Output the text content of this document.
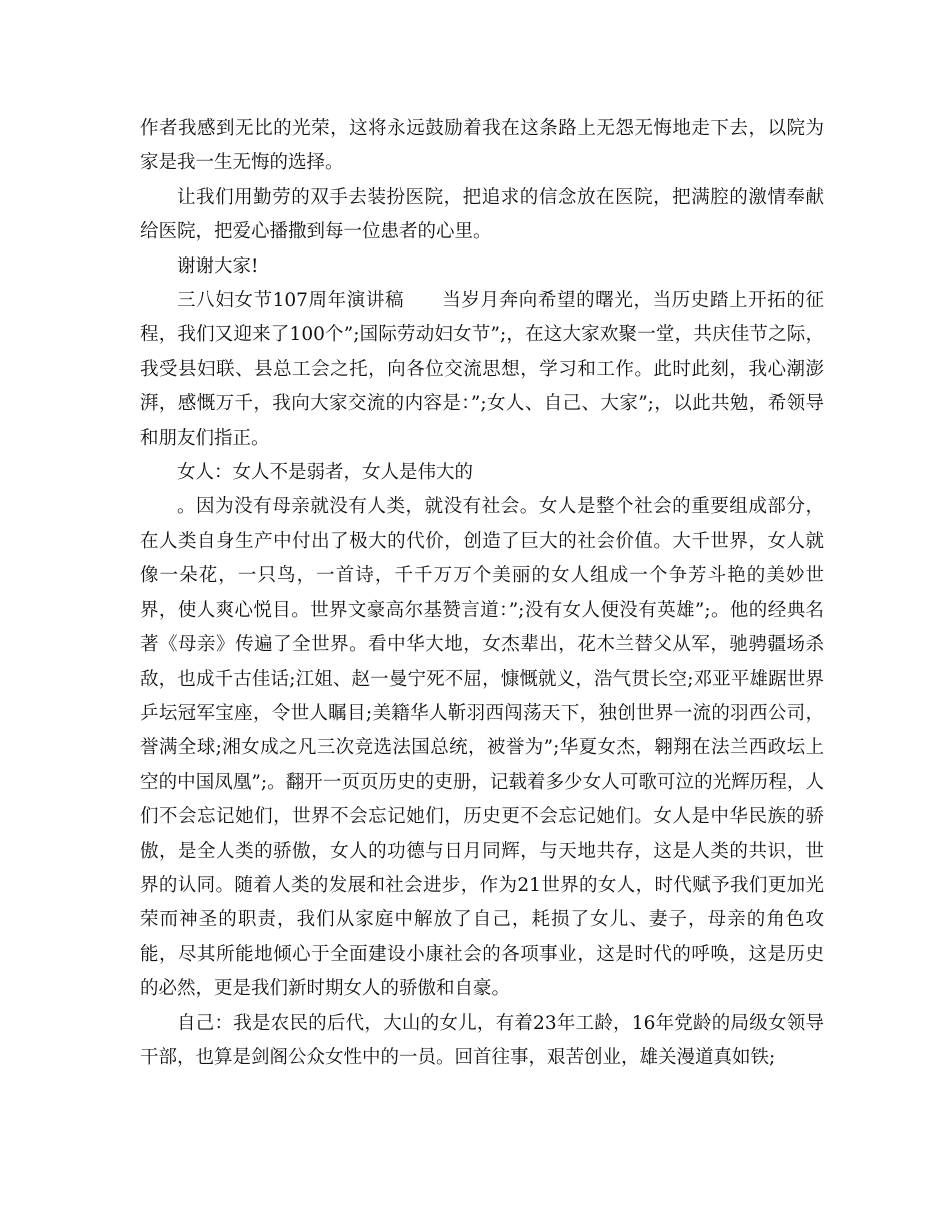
作者我感到无比的光荣，这将永远鼓励着我在这条路上无怨无悔地走下去，以院为家是我一生无悔的选择。

让我们用勤劳的双手去装扮医院，把追求的信念放在医院，把满腔的激情奉献给医院，把爱心播撒到每一位患者的心里。

谢谢大家!

三八妇女节107周年演讲稿　　当岁月奔向希望的曙光，当历史踏上开拓的征程，我们又迎来了100个”;国际劳动妇女节”;，在这大家欢聚一堂，共庆佳节之际，我受县妇联、县总工会之托，向各位交流思想，学习和工作。此时此刻，我心潮澎湃，感慨万千，我向大家交流的内容是：”;女人、自己、大家”;，以此共勉，希领导和朋友们指正。

女人：女人不是弱者，女人是伟大的

。因为没有母亲就没有人类，就没有社会。女人是整个社会的重要组成部分，在人类自身生产中付出了极大的代价，创造了巨大的社会价值。大千世界，女人就像一朵花，一只鸟，一首诗，千千万万个美丽的女人组成一个争芳斗艳的美妙世界，使人爽心悦目。世界文豪高尔基赞言道：”;没有女人便没有英雄”;。他的经典名著《母亲》传遍了全世界。看中华大地，女杰辈出，花木兰替父从军，驰骋疆场杀敌，也成千古佳话;江姐、赵一曼宁死不屈，慷慨就义，浩气贯长空;邓亚平雄踞世界乒坛冠军宝座，令世人瞩目;美籍华人靳羽西闯荡天下，独创世界一流的羽西公司，誉满全球;湘女成之凡三次竞选法国总统，被誉为”;华夏女杰，翱翔在法兰西政坛上空的中国凤凰”;。翻开一页页历史的吏册，记载着多少女人可歌可泣的光辉历程，人们不会忘记她们，世界不会忘记她们，历史更不会忘记她们。女人是中华民族的骄傲，是全人类的骄傲，女人的功德与日月同辉，与天地共存，这是人类的共识，世界的认同。随着人类的发展和社会进步，作为21世界的女人，时代赋予我们更加光荣而神圣的职责，我们从家庭中解放了自己，耗损了女儿、妻子，母亲的角色攻能，尽其所能地倾心于全面建设小康社会的各项事业，这是时代的呼唤，这是历史的必然，更是我们新时期女人的骄傲和自豪。

自己：我是农民的后代，大山的女儿，有着23年工龄，16年党龄的局级女领导干部，也算是剑阁公众女性中的一员。回首往事，艰苦创业，雄关漫道真如铁;
